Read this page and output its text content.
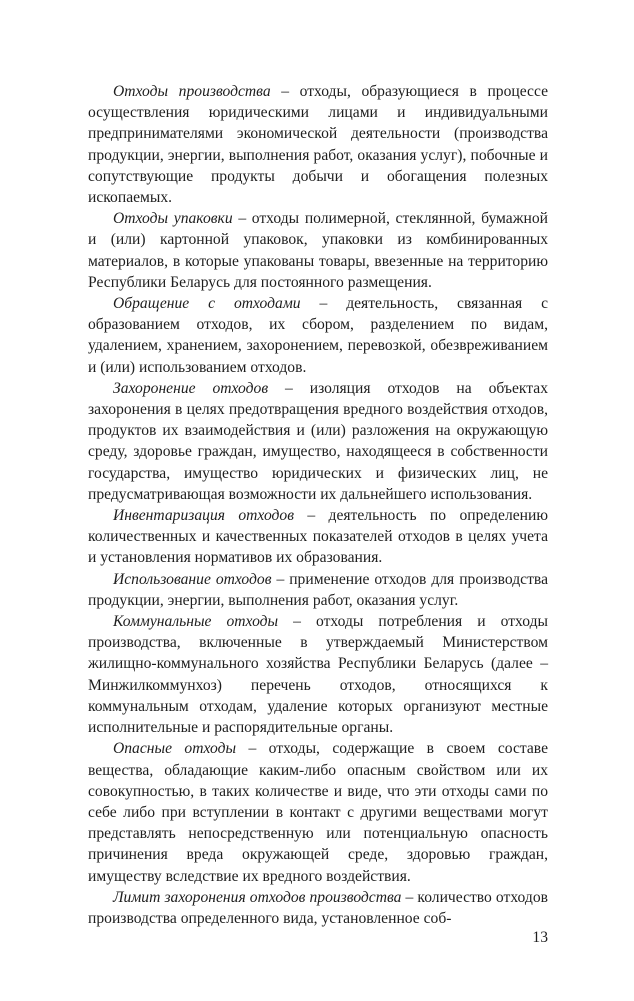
Отходы производства – отходы, образующиеся в процессе осуществления юридическими лицами и индивидуальными предпринимателями экономической деятельности (производства продукции, энергии, выполнения работ, оказания услуг), побочные и сопутствующие продукты добычи и обогащения полезных ископаемых.

Отходы упаковки – отходы полимерной, стеклянной, бумажной и (или) картонной упаковок, упаковки из комбинированных материалов, в которые упакованы товары, ввезенные на территорию Республики Беларусь для постоянного размещения.

Обращение с отходами – деятельность, связанная с образованием отходов, их сбором, разделением по видам, удалением, хранением, захоронением, перевозкой, обезвреживанием и (или) использованием отходов.

Захоронение отходов – изоляция отходов на объектах захоронения в целях предотвращения вредного воздействия отходов, продуктов их взаимодействия и (или) разложения на окружающую среду, здоровье граждан, имущество, находящееся в собственности государства, имущество юридических и физических лиц, не предусматривающая возможности их дальнейшего использования.

Инвентаризация отходов – деятельность по определению количественных и качественных показателей отходов в целях учета и установления нормативов их образования.

Использование отходов – применение отходов для производства продукции, энергии, выполнения работ, оказания услуг.

Коммунальные отходы – отходы потребления и отходы производства, включенные в утверждаемый Министерством жилищно-коммунального хозяйства Республики Беларусь (далее – Минжилкоммунхоз) перечень отходов, относящихся к коммунальным отходам, удаление которых организуют местные исполнительные и распорядительные органы.

Опасные отходы – отходы, содержащие в своем составе вещества, обладающие каким-либо опасным свойством или их совокупностью, в таких количестве и виде, что эти отходы сами по себе либо при вступлении в контакт с другими веществами могут представлять непосредственную или потенциальную опасность причинения вреда окружающей среде, здоровью граждан, имуществу вследствие их вредного воздействия.

Лимит захоронения отходов производства – количество отходов производства определенного вида, установленное соб-

13
